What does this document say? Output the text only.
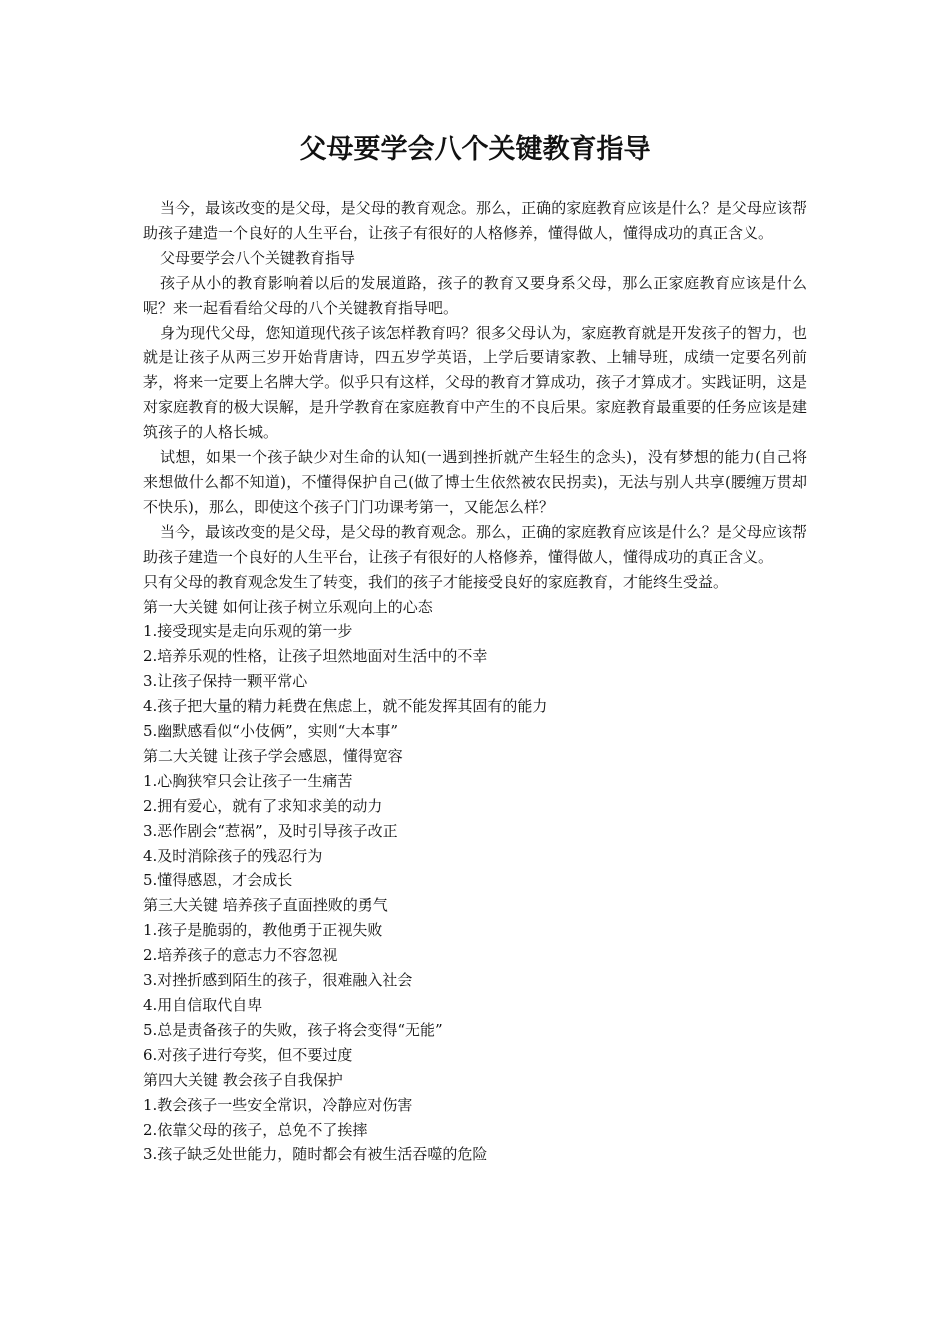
父母要学会八个关键教育指导

当今，最该改变的是父母，是父母的教育观念。那么，正确的家庭教育应该是什么？是父母应该帮助孩子建造一个良好的人生平台，让孩子有很好的人格修养，懂得做人，懂得成功的真正含义。

父母要学会八个关键教育指导

孩子从小的教育影响着以后的发展道路，孩子的教育又要身系父母，那么正家庭教育应该是什么呢？来一起看看给父母的八个关键教育指导吧。

身为现代父母，您知道现代孩子该怎样教育吗？很多父母认为，家庭教育就是开发孩子的智力，也就是让孩子从两三岁开始背唐诗，四五岁学英语，上学后要请家教、上辅导班，成绩一定要名列前茅，将来一定要上名牌大学。似乎只有这样，父母的教育才算成功，孩子才算成才。实践证明，这是对家庭教育的极大误解，是升学教育在家庭教育中产生的不良后果。家庭教育最重要的任务应该是建筑孩子的人格长城。

试想，如果一个孩子缺少对生命的认知(一遇到挫折就产生轻生的念头)，没有梦想的能力(自己将来想做什么都不知道)，不懂得保护自己(做了博士生依然被农民拐卖)，无法与别人共享(腰缠万贯却不快乐)，那么，即使这个孩子门门功课考第一，又能怎么样？

当今，最该改变的是父母，是父母的教育观念。那么，正确的家庭教育应该是什么？是父母应该帮助孩子建造一个良好的人生平台，让孩子有很好的人格修养，懂得做人，懂得成功的真正含义。

只有父母的教育观念发生了转变，我们的孩子才能接受良好的家庭教育，才能终生受益。

第一大关键 如何让孩子树立乐观向上的心态

1.接受现实是走向乐观的第一步

2.培养乐观的性格，让孩子坦然地面对生活中的不幸

3.让孩子保持一颗平常心

4.孩子把大量的精力耗费在焦虑上，就不能发挥其固有的能力

5.幽默感看似“小伎俩”，实则“大本事”

第二大关键 让孩子学会感恩，懂得宽容

1.心胸狭窄只会让孩子一生痛苦

2.拥有爱心，就有了求知求美的动力

3.恶作剧会“惹祸”，及时引导孩子改正

4.及时消除孩子的残忍行为

5.懂得感恩，才会成长

第三大关键 培养孩子直面挫败的勇气

1.孩子是脆弱的，教他勇于正视失败

2.培养孩子的意志力不容忽视

3.对挫折感到陌生的孩子，很难融入社会

4.用自信取代自卑

5.总是责备孩子的失败，孩子将会变得“无能”

6.对孩子进行夸奖，但不要过度

第四大关键 教会孩子自我保护

1.教会孩子一些安全常识，冷静应对伤害

2.依靠父母的孩子，总免不了挨摔

3.孩子缺乏处世能力，随时都会有被生活吞噬的危险
